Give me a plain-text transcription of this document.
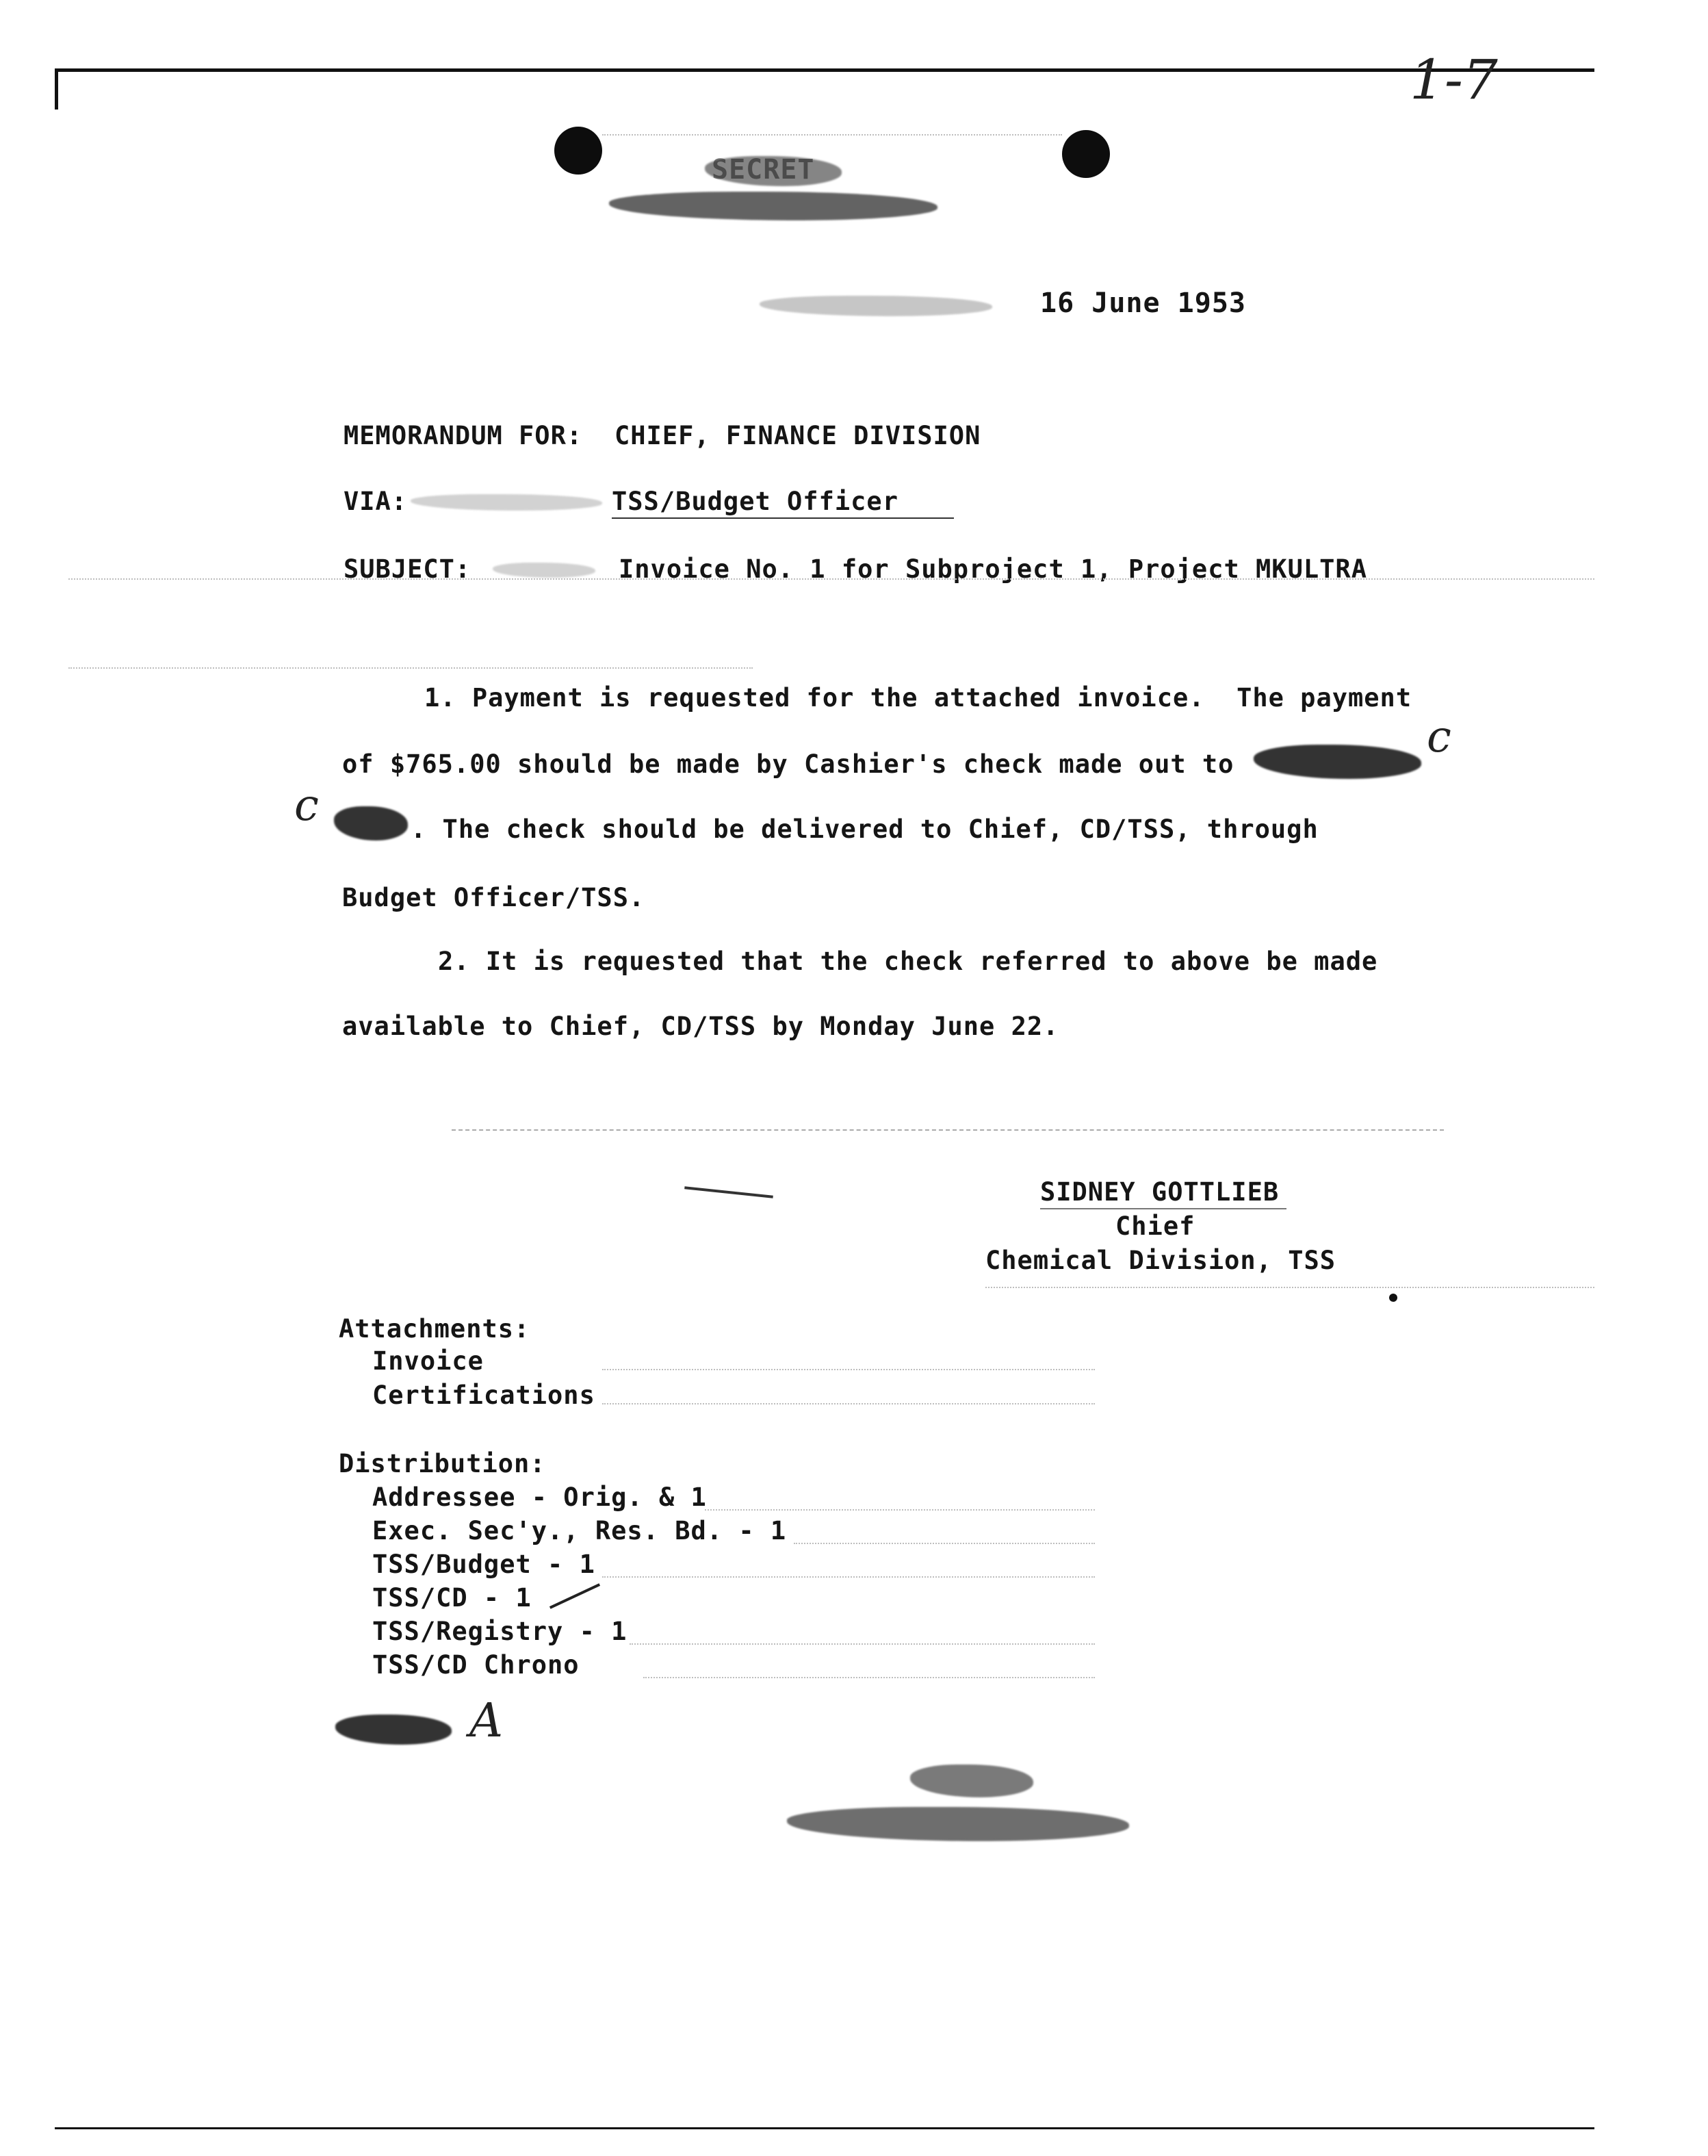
1-7
16 June 1953
MEMORANDUM FOR: CHIEF, FINANCE DIVISION
VIA:	TSS/Budget Officer
SUBJECT:	Invoice No. 1 for Subproject 1, Project MKULTRA
1. Payment is requested for the attached invoice.  The payment
of $765.00 should be made by Cashier's check made out to
c
c	. The check should be delivered to Chief, CD/TSS, through
Budget Officer/TSS.
2. It is requested that the check referred to above be made
available to Chief, CD/TSS by Monday June 22.
SIDNEY GOTTLIEB
Chief
Chemical Division, TSS
Attachments:
Invoice
Certifications
Distribution:
Addressee - Orig. & 1
Exec. Sec'y., Res. Bd. - 1
TSS/Budget - 1
TSS/CD - 1
TSS/Registry - 1
TSS/CD Chrono
A
